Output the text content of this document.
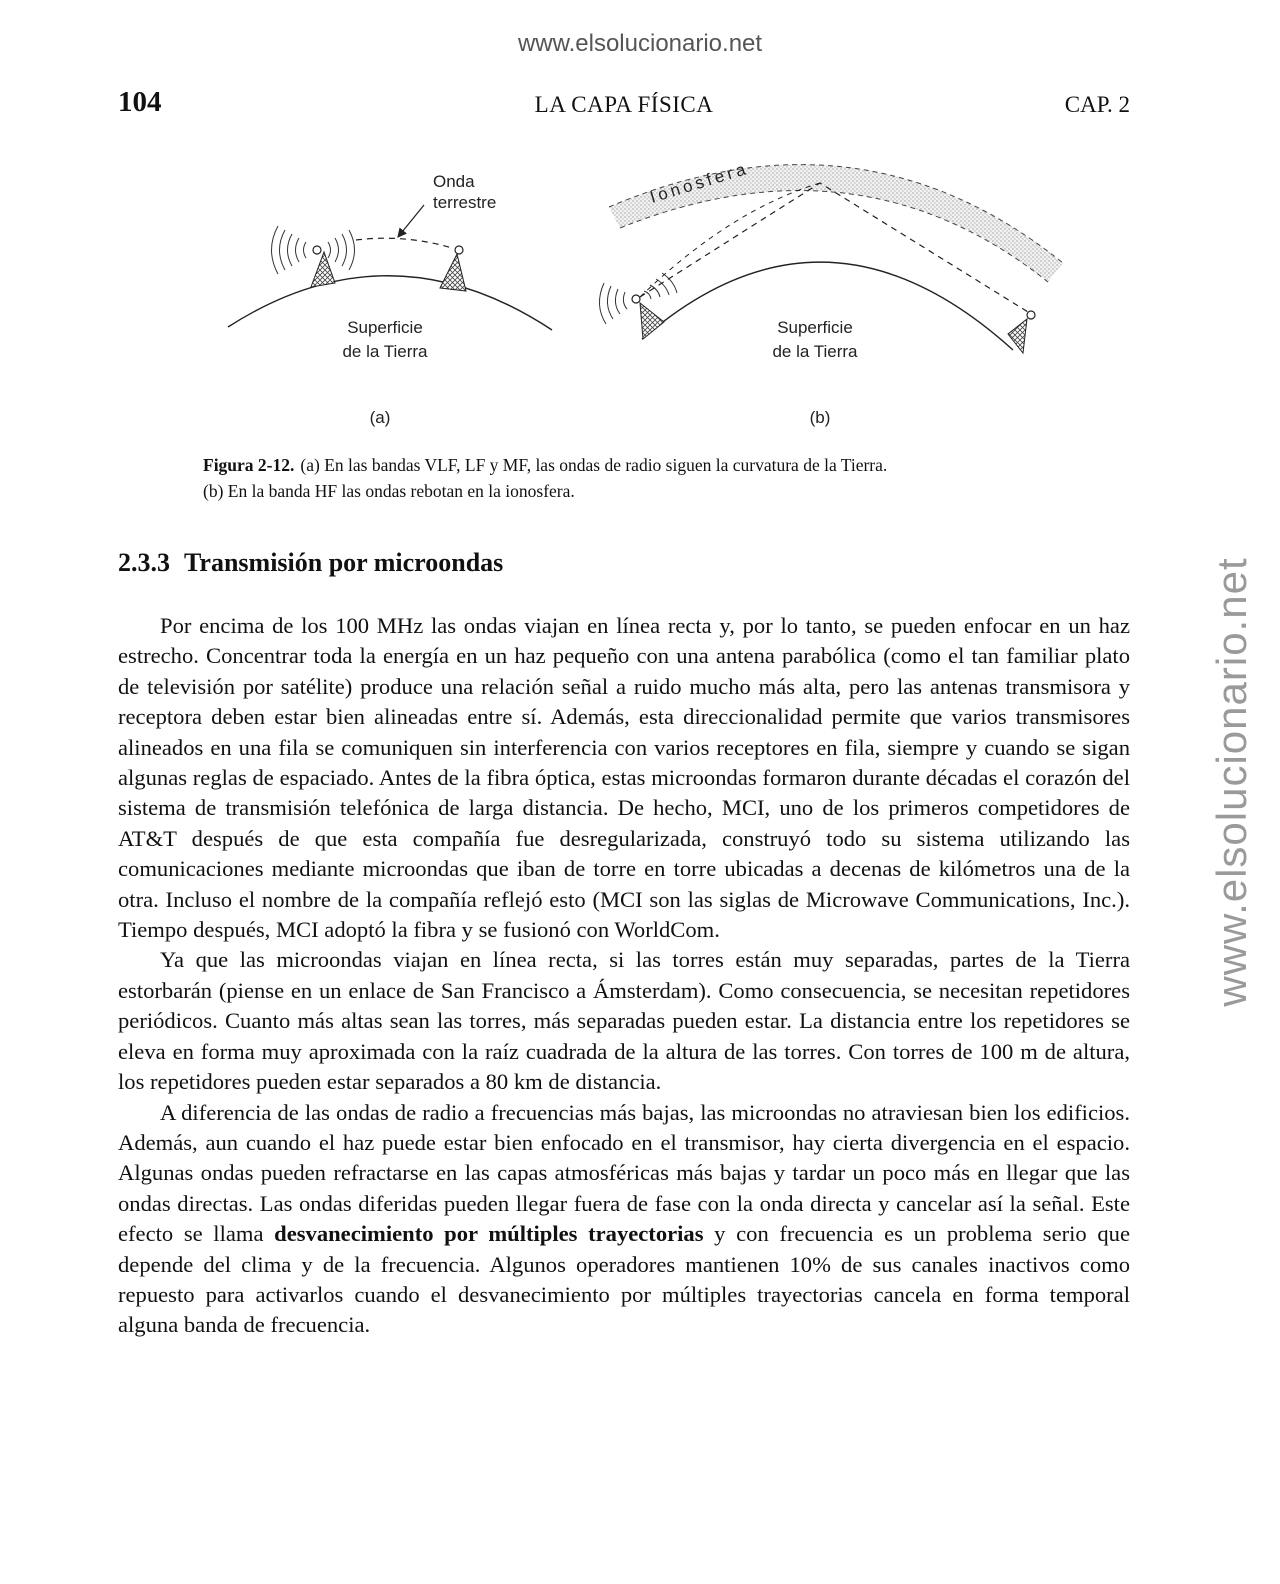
www.elsolucionario.net
www.elsolucionario.net
104	LA CAPA FÍSICA	CAP. 2
Onda
terrestre
Superficie
de la Tierra
(a)
Ionosfera
Superficie
de la Tierra
(b)
Figura 2-12. (a) En las bandas VLF, LF y MF, las ondas de radio siguen la curvatura de la Tierra.
(b) En la banda HF las ondas rebotan en la ionosfera.
2.3.3 Transmisión por microondas

Por encima de los 100 MHz las ondas viajan en línea recta y, por lo tanto, se pueden enfocar en un haz estrecho. Concentrar toda la energía en un haz pequeño con una antena parabólica (como el tan familiar plato de televisión por satélite) produce una relación señal a ruido mucho más alta, pero las antenas transmisora y receptora deben estar bien alineadas entre sí. Además, esta direccionalidad permite que varios transmisores alineados en una fila se comuniquen sin interferencia con varios receptores en fila, siempre y cuando se sigan algunas reglas de espaciado. Antes de la fibra óptica, estas microondas formaron durante décadas el corazón del sistema de transmisión telefónica de larga distancia. De hecho, MCI, uno de los primeros competidores de AT&T después de que esta compañía fue desregularizada, construyó todo su sistema utilizando las comunicaciones mediante microondas que iban de torre en torre ubicadas a decenas de kilómetros una de la otra. Incluso el nombre de la compañía reflejó esto (MCI son las siglas de Microwave Communications, Inc.). Tiempo después, MCI adoptó la fibra y se fusionó con WorldCom.

Ya que las microondas viajan en línea recta, si las torres están muy separadas, partes de la Tierra estorbarán (piense en un enlace de San Francisco a Ámsterdam). Como consecuencia, se necesitan repetidores periódicos. Cuanto más altas sean las torres, más separadas pueden estar. La distancia entre los repetidores se eleva en forma muy aproximada con la raíz cuadrada de la altura de las torres. Con torres de 100 m de altura, los repetidores pueden estar separados a 80 km de distancia.

A diferencia de las ondas de radio a frecuencias más bajas, las microondas no atraviesan bien los edificios. Además, aun cuando el haz puede estar bien enfocado en el transmisor, hay cierta divergencia en el espacio. Algunas ondas pueden refractarse en las capas atmosféricas más bajas y tardar un poco más en llegar que las ondas directas. Las ondas diferidas pueden llegar fuera de fase con la onda directa y cancelar así la señal. Este efecto se llama desvanecimiento por múltiples trayectorias y con frecuencia es un problema serio que depende del clima y de la frecuencia. Algunos operadores mantienen 10% de sus canales inactivos como repuesto para activarlos cuando el desvanecimiento por múltiples trayectorias cancela en forma temporal alguna banda de frecuencia.
